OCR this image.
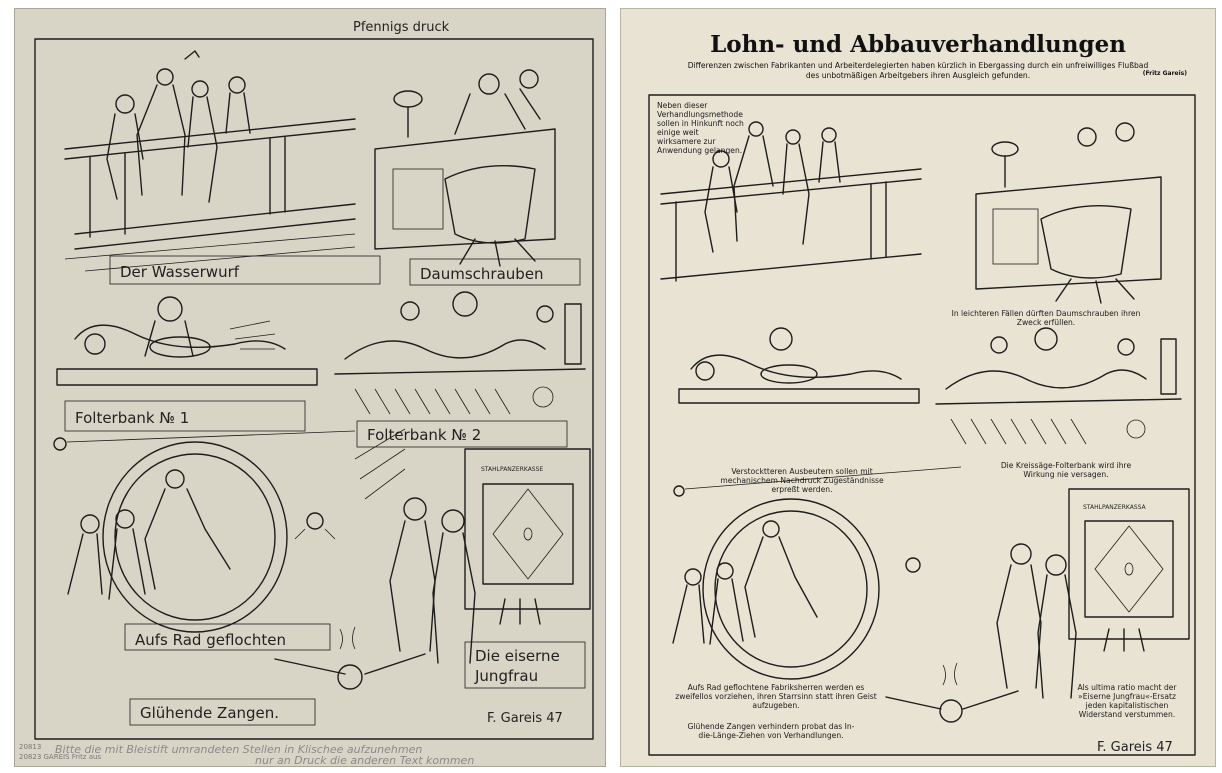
Pfennigs druck
Der Wasserwurf	Daumschrauben
Folterbank № 1
Folterbank № 2
Aufs Rad geflochten
STAHLPANZERKASSE
Die eiserne
Jungfrau
Glühende Zangen.	F. Gareis 47
Bitte die mit Bleistift umrandeten Stellen in Klischee aufzunehmen
nur an Druck die anderen Text kommen
20813
20823 GAREIS Fritz aus
Lohn- und Abbauverhandlungen
Differenzen zwischen Fabrikanten und Arbeiterdelegierten haben kürzlich in Ebergassing durch ein unfreiwilliges Flußbad
des unbotmäßigen Arbeitgebers ihren Ausgleich gefunden.	(Fritz Gareis)
STAHLPANZERKASSA
F. Gareis 47
Neben dieser Verhandlungsmethode sollen in Hinkunft noch einige weit wirksamere zur Anwendung gelangen.
In leichteren Fällen dürften Daumschrauben ihren Zweck erfüllen.
Verstocktteren Ausbeutern sollen mit mechanischem Nachdruck Zugeständnisse erpreßt werden.
Die Kreissäge-Folterbank wird ihre Wirkung nie versagen.
Aufs Rad geflochtene Fabriksherren werden es zweifellos vorziehen, ihren Starrsinn statt ihren Geist aufzugeben.
Als ultima ratio macht der »Eiserne Jungfrau«-Ersatz jeden kapitalistischen Widerstand verstummen.
Glühende Zangen verhindern probat das In-die-Länge-Ziehen von Verhandlungen.
